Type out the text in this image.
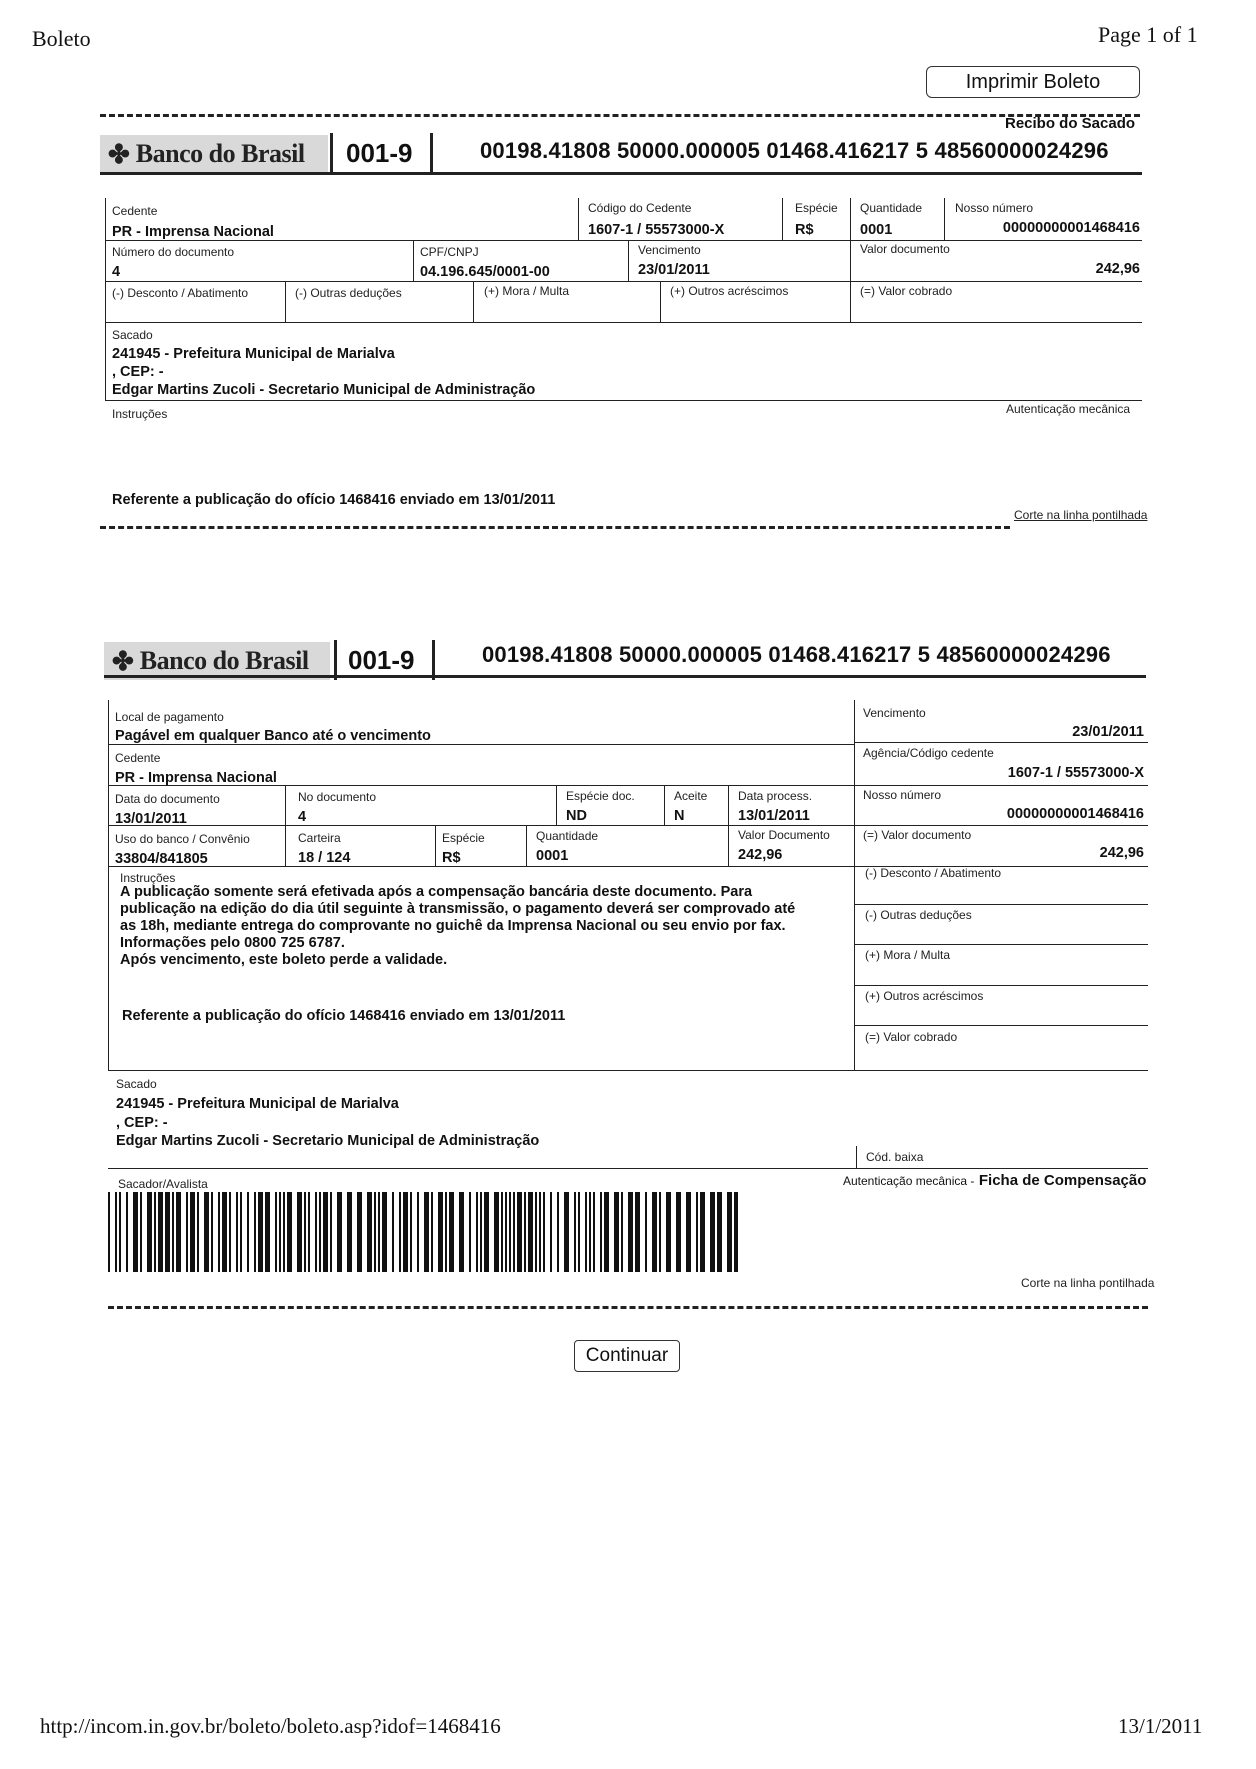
Boleto	Page 1 of 1
Imprimir Boleto
Recibo do Sacado
✤ Banco do Brasil 001-9	00198.41808 50000.000005 01468.416217 5 48560000024296
Cedente
PR - Imprensa Nacional
Código do Cedente
1607-1 / 55573000-X
Espécie
R$
Quantidade
0001
Nosso número
00000000001468416
Número do documento
4
CPF/CNPJ
04.196.645/0001-00
Vencimento
23/01/2011
Valor documento
242,96
(-) Desconto / Abatimento	(-) Outras deduções	(+) Mora / Multa	(+) Outros acréscimos	(=) Valor cobrado
Sacado
241945 - Prefeitura Municipal de Marialva
, CEP: -
Edgar Martins Zucoli - Secretario Municipal de Administração
Instruções	Autenticação mecânica
Referente a publicação do ofício 1468416 enviado em 13/01/2011
Corte na linha pontilhada
✤ Banco do Brasil 001-9	00198.41808 50000.000005 01468.416217 5 48560000024296
Local de pagamento
Pagável em qualquer Banco até o vencimento
Vencimento
23/01/2011
Cedente
PR - Imprensa Nacional
Agência/Código cedente
1607-1 / 55573000-X
Data do documento
13/01/2011
No documento
4
Espécie doc.
ND
Aceite
N
Data process.
13/01/2011
Nosso número
00000000001468416
Uso do banco / Convênio
33804/841805
Carteira
18 / 124
Espécie
R$
Quantidade
0001
Valor Documento
242,96
(=) Valor documento
242,96
Instruções
A publicação somente será efetivada após a compensação bancária deste documento. Para
publicação na edição do dia útil seguinte à transmissão, o pagamento deverá ser comprovado até
as 18h, mediante entrega do comprovante no guichê da Imprensa Nacional ou seu envio por fax.
Informações pelo 0800 725 6787.
Após vencimento, este boleto perde a validade.
Referente a publicação do ofício 1468416 enviado em 13/01/2011
(-) Desconto / Abatimento
(-) Outras deduções
(+) Mora / Multa
(+) Outros acréscimos
(=) Valor cobrado
Sacado
241945 - Prefeitura Municipal de Marialva
, CEP: -
Edgar Martins Zucoli - Secretario Municipal de Administração
Cód. baixa
Sacador/Avalista	Autenticação mecânica - Ficha de Compensação
Corte na linha pontilhada
Continuar
http://incom.in.gov.br/boleto/boleto.asp?idof=1468416	13/1/2011
